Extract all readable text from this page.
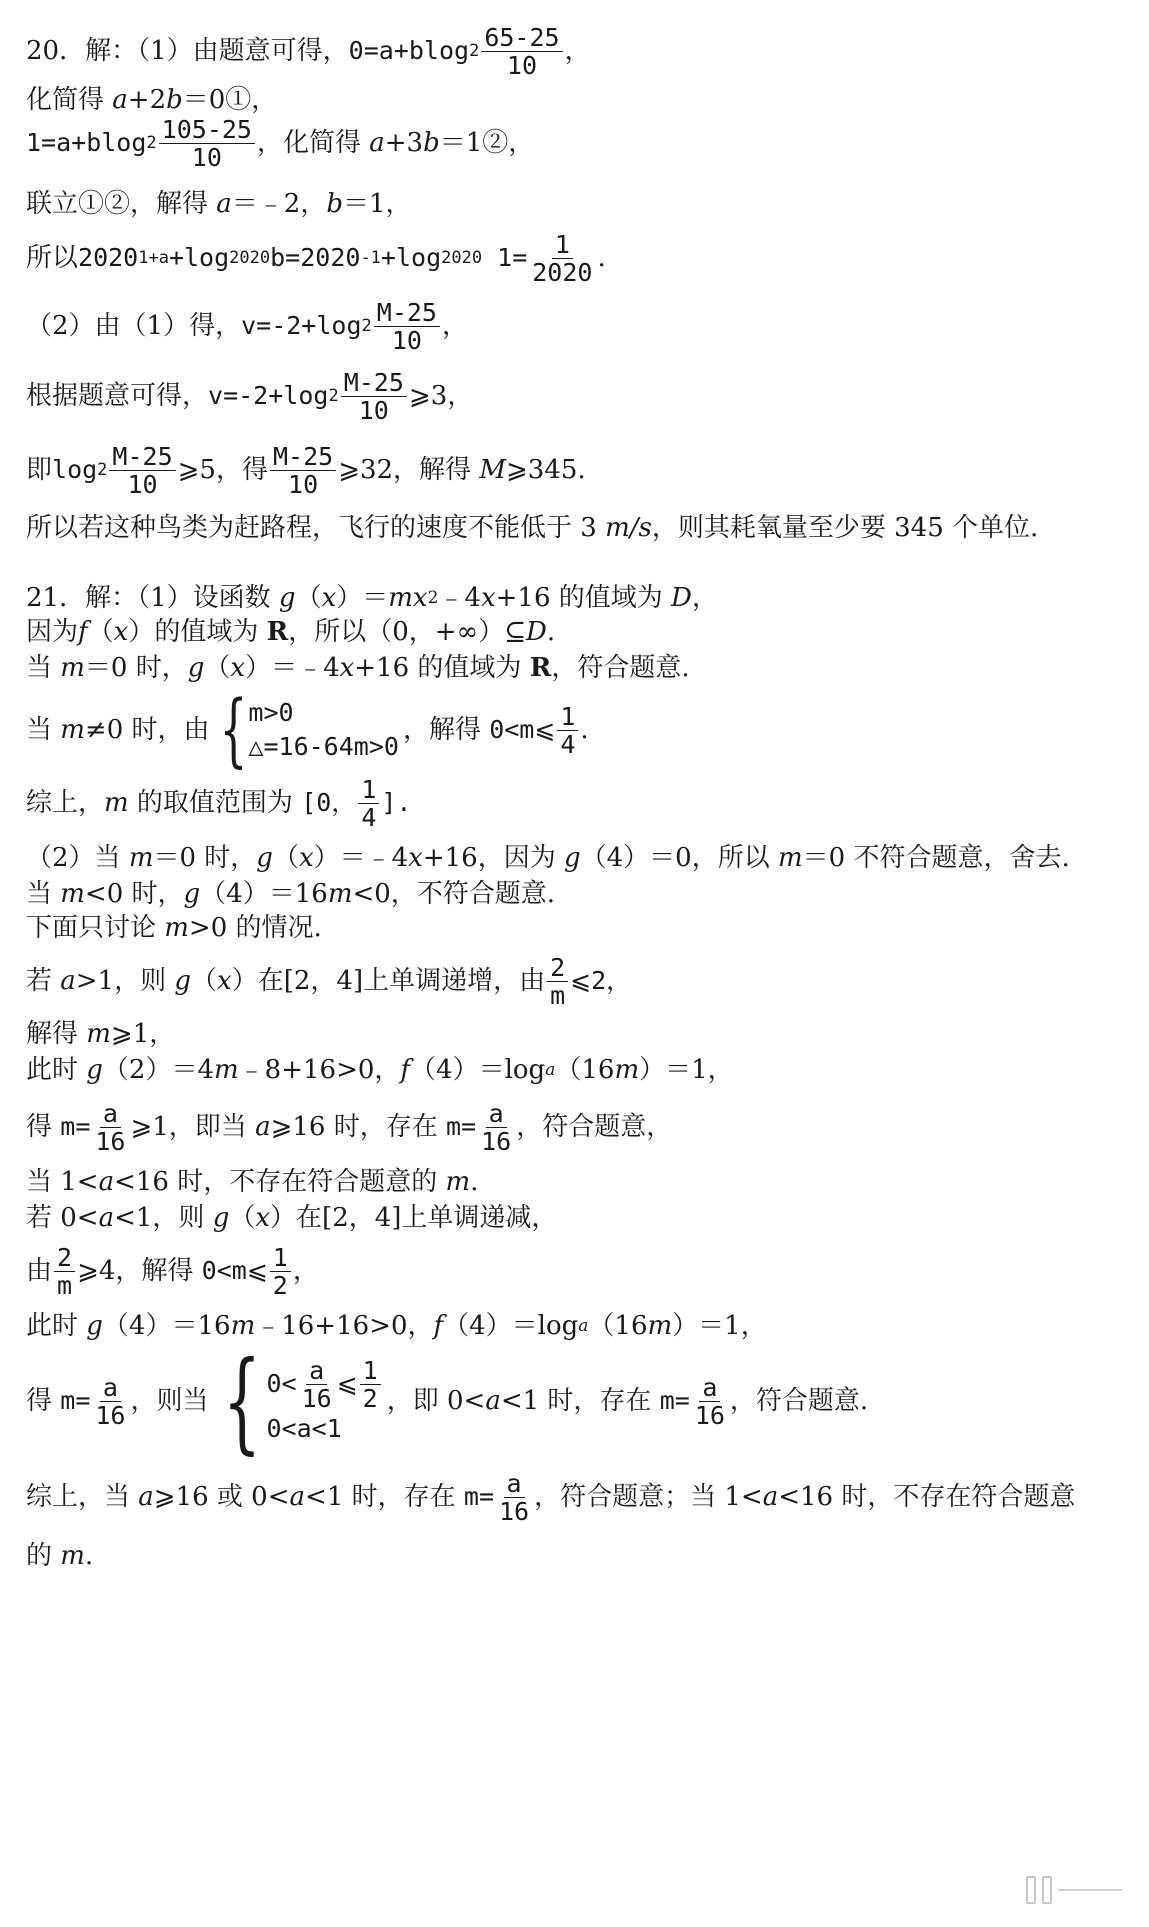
20．解：（1）由题意可得， 0=a+blog $2 \frac{65-25}{10}$ ，
化简得 a +2 b ＝0①，
1=a+blog $2 \frac{105-25}{10}$ ，化简得 a +3 b ＝1②，
联立①②，解得 a ＝﹣2， b ＝1，
所以 2020 1+a +log 2020 b=2020 -1 +log 2020 $1= \frac{1}{2020}$ .
（2）由（1）得， v=-2+log $2 \frac{M-25}{10}$ ，
根据题意可得， v=-2+log $2 \frac{M-25}{10}$ ⩾3，
即 $\log 2 \frac{M-25}{10}$ ⩾5，得 $\frac{M-25}{10}$ ⩾32，解得 M ⩾345.
所以若这种鸟类为赶路程，飞行的速度不能低于 3 m/s ，则其耗氧量至少要 345 个单位.
21．解：（1）设函数 g （ x ）＝ mx 2 ﹣4 x +16 的值域为 D ，
因为 f （ x ）的值域为 R ，所以（0，+∞）⊆ D .
当 m ＝0 时， g （ x ）＝﹣4 x +16 的值域为 R ，符合题意.
当 m ≠0 时，由 { m>0
△=16-64m>0
，解得 0<m⩽ $\frac{1}{4}$ .
综上， m 的取值范围为 [0， $\frac{1}{4}$ ].
（2）当 m ＝0 时， g （ x ）＝﹣4 x +16，因为 g （4）＝0，所以 m ＝0 不符合题意，舍去.
当 m <0 时， g （4）＝16 m <0，不符合题意.
下面只讨论 m >0 的情况.
若 a >1，则 g （ x ）在[2，4]上单调递增，由 $\frac{2}{m}$ ⩽2，
解得 m ⩾1，
此时 g （2）＝4 m ﹣8+16>0， f （4）＝log a （16 m ）＝1，
得 $m= \frac{a}{16}$ ⩾1，即当 a ⩾16 时，存在 $m= \frac{a}{16}$ ，符合题意，
当 1< a <16 时，不存在符合题意的 m .
若 0< a <1，则 g （ x ）在[2，4]上单调递减，
由 $\frac{2}{m}$ ⩾4，解得 0<m⩽ $\frac{1}{2}$ ，
此时 g （4）＝16 m ﹣16+16>0， f （4）＝log a （16 m ）＝1，
得 $m= \frac{a}{16}$ ，则当 { $0< \frac{a}{16}$ ⩽ $\frac{1}{2}$
0<a<1
，即 0< a <1 时，存在 $m= \frac{a}{16}$ ，符合题意.
综上，当 a ⩾16 或 0< a <1 时，存在 $m= \frac{a}{16}$ ，符合题意；当 1< a <16 时，不存在符合题意
的 m .
